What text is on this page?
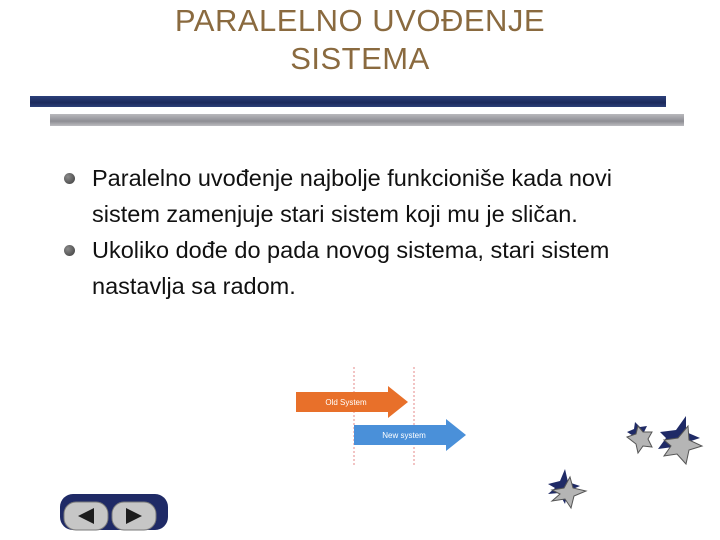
PARALELNO UVOĐENJE
SISTEMA
Paralelno uvođenje najbolje funkcioniše kada novi sistem zamenjuje stari sistem koji mu je sličan.
Ukoliko dođe do pada novog sistema, stari sistem nastavlja sa radom.
Old System
New system
